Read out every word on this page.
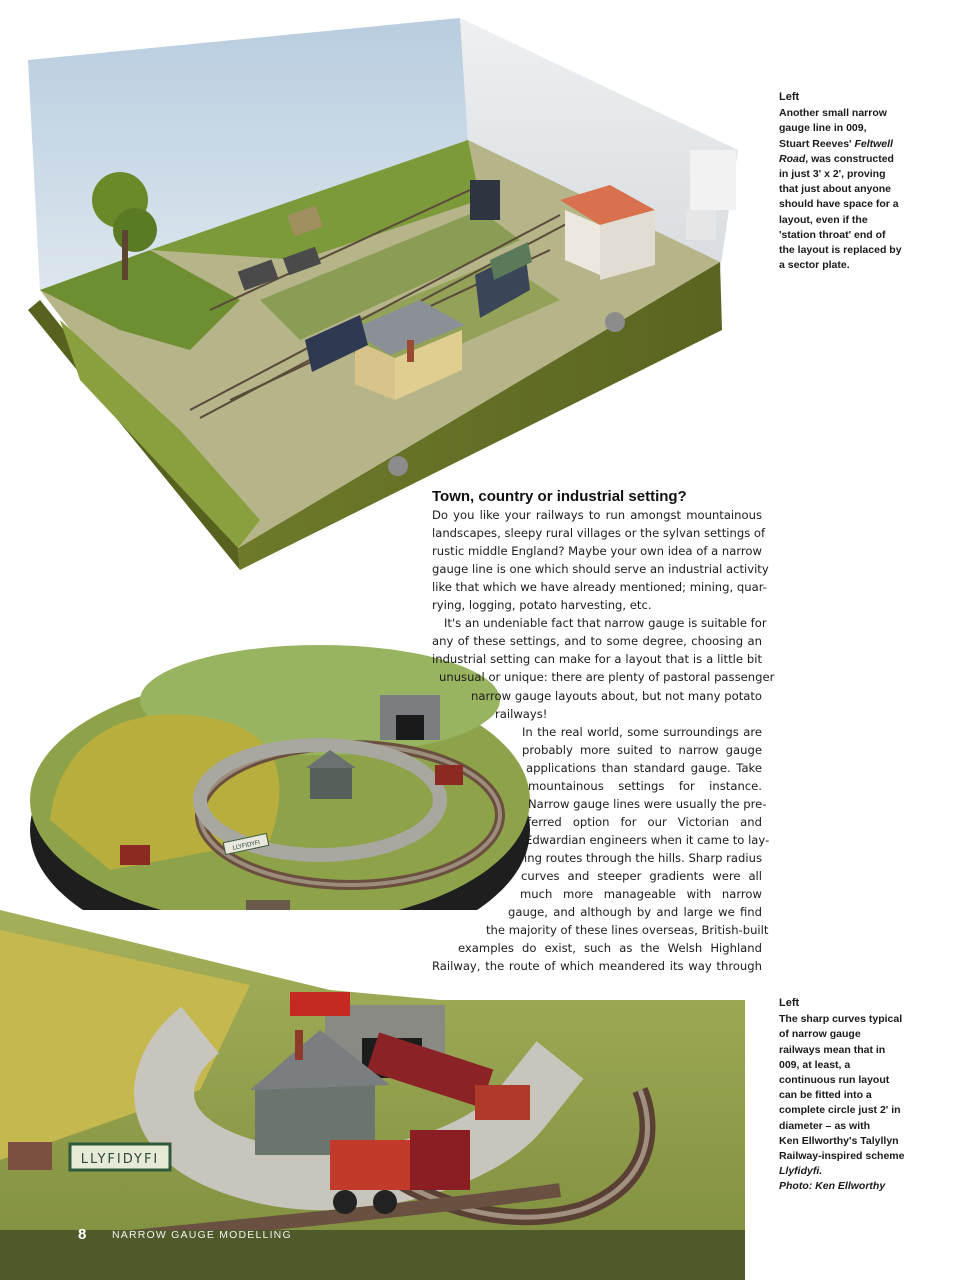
LLYFIDYFI
LLYFIDYFI
Left
Another small narrow
gauge line in 009,
Stuart Reeves' Feltwell
Road, was constructed
in just 3' x 2', proving
that just about anyone
should have space for a
layout, even if the
'station throat' end of
the layout is replaced by
a sector plate.
Left
The sharp curves typical
of narrow gauge
railways mean that in
009, at least, a
continuous run layout
can be fitted into a
complete circle just 2' in
diameter – as with
Ken Ellworthy's Talyllyn
Railway-inspired scheme
Llyfidyfi.
Photo: Ken Ellworthy
Town, country or industrial setting?
Do you like your railways to run amongst mountainous
landscapes, sleepy rural villages or the sylvan settings of
rustic middle England? Maybe your own idea of a narrow
gauge line is one which should serve an industrial activity
like that which we have already mentioned; mining, quar-
rying, logging, potato harvesting, etc.
It's an undeniable fact that narrow gauge is suitable for
any of these settings, and to some degree, choosing an
industrial setting can make for a layout that is a little bit
unusual or unique: there are plenty of pastoral passenger
narrow gauge layouts about, but not many potato
railways!
In the real world, some surroundings are
probably more suited to narrow gauge
applications than standard gauge. Take
mountainous settings for instance.
Narrow gauge lines were usually the pre-
ferred option for our Victorian and
Edwardian engineers when it came to lay-
ing routes through the hills. Sharp radius
curves and steeper gradients were all
much more manageable with narrow
gauge, and although by and large we find
the majority of these lines overseas, British-built
examples do exist, such as the Welsh Highland
Railway, the route of which meandered its way through
8 NARROW GAUGE MODELLING
